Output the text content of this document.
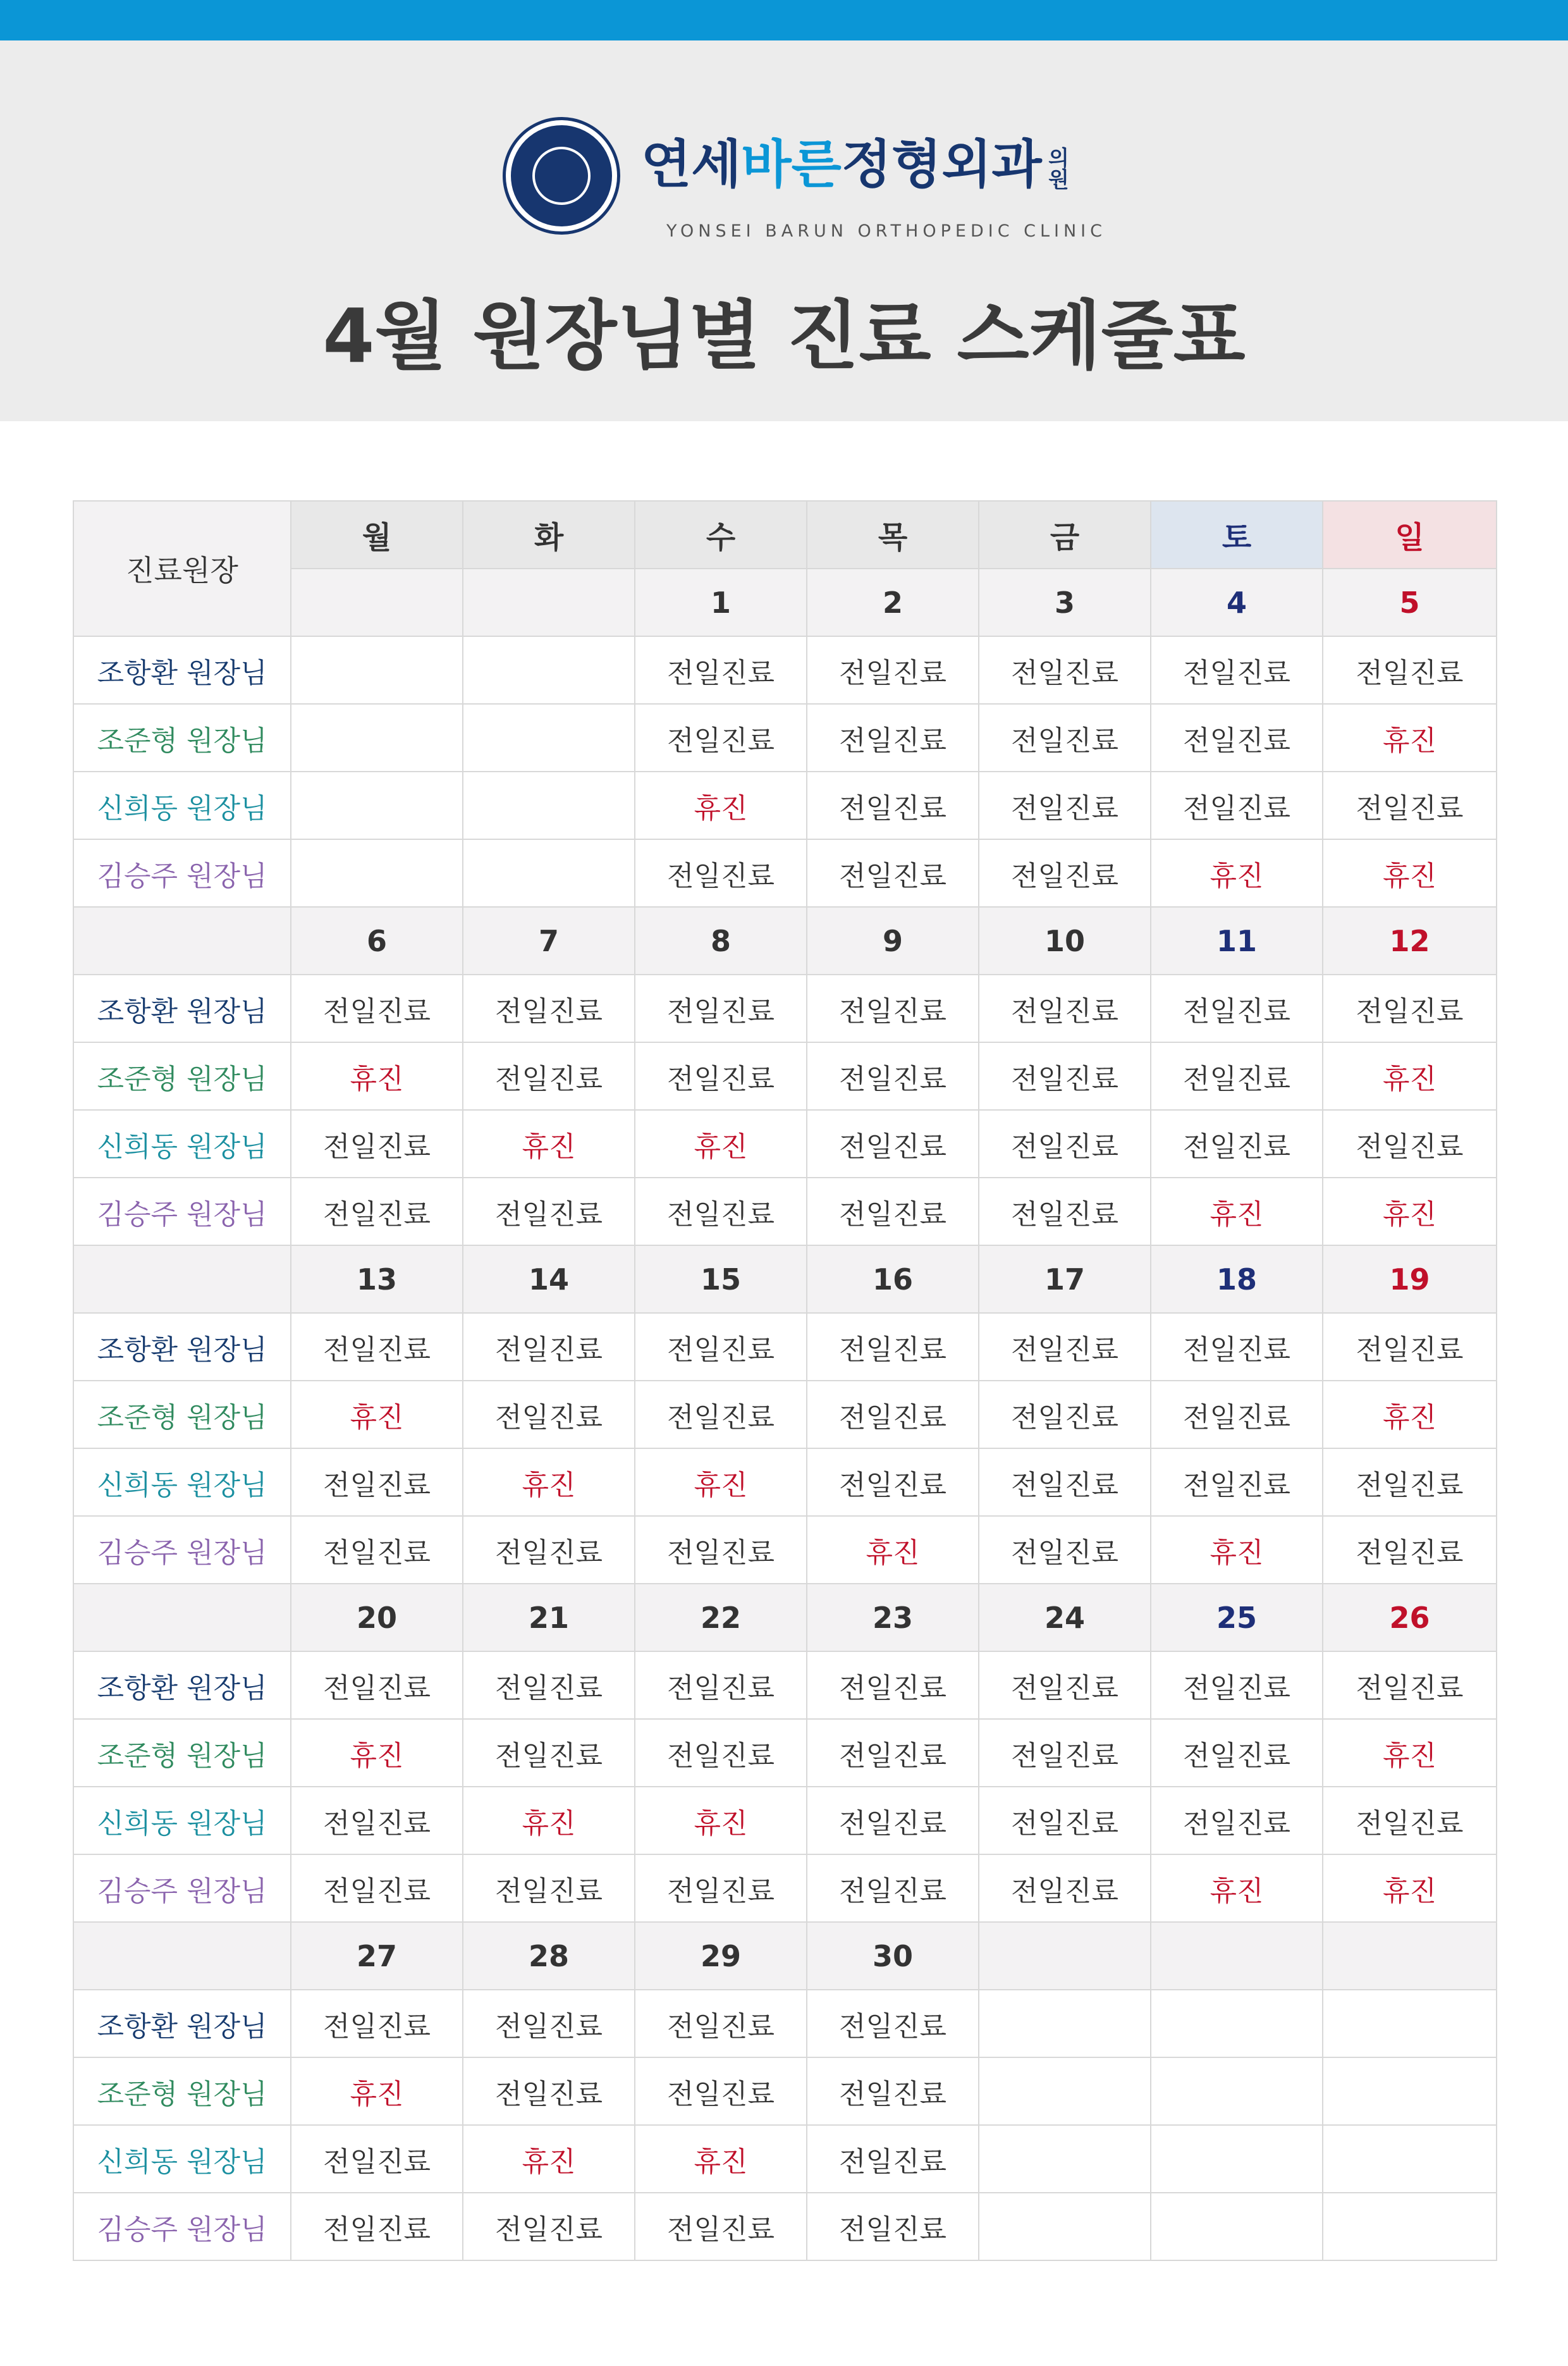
연세바른정형외과 의원
YONSEI BARUN ORTHOPEDIC CLINIC
4월 원장님별 진료 스케줄표
진료원장	월	화	수	목	금	토	일
			1	2	3	4	5
조항환 원장님			전일진료	전일진료	전일진료	전일진료	전일진료
조준형 원장님			전일진료	전일진료	전일진료	전일진료	휴진
신희동 원장님			휴진	전일진료	전일진료	전일진료	전일진료
김승주 원장님			전일진료	전일진료	전일진료	휴진	휴진
	6	7	8	9	10	11	12
조항환 원장님	전일진료	전일진료	전일진료	전일진료	전일진료	전일진료	전일진료
조준형 원장님	휴진	전일진료	전일진료	전일진료	전일진료	전일진료	휴진
신희동 원장님	전일진료	휴진	휴진	전일진료	전일진료	전일진료	전일진료
김승주 원장님	전일진료	전일진료	전일진료	전일진료	전일진료	휴진	휴진
	13	14	15	16	17	18	19
조항환 원장님	전일진료	전일진료	전일진료	전일진료	전일진료	전일진료	전일진료
조준형 원장님	휴진	전일진료	전일진료	전일진료	전일진료	전일진료	휴진
신희동 원장님	전일진료	휴진	휴진	전일진료	전일진료	전일진료	전일진료
김승주 원장님	전일진료	전일진료	전일진료	휴진	전일진료	휴진	전일진료
	20	21	22	23	24	25	26
조항환 원장님	전일진료	전일진료	전일진료	전일진료	전일진료	전일진료	전일진료
조준형 원장님	휴진	전일진료	전일진료	전일진료	전일진료	전일진료	휴진
신희동 원장님	전일진료	휴진	휴진	전일진료	전일진료	전일진료	전일진료
김승주 원장님	전일진료	전일진료	전일진료	전일진료	전일진료	휴진	휴진
	27	28	29	30			
조항환 원장님	전일진료	전일진료	전일진료	전일진료			
조준형 원장님	휴진	전일진료	전일진료	전일진료			
신희동 원장님	전일진료	휴진	휴진	전일진료			
김승주 원장님	전일진료	전일진료	전일진료	전일진료			
